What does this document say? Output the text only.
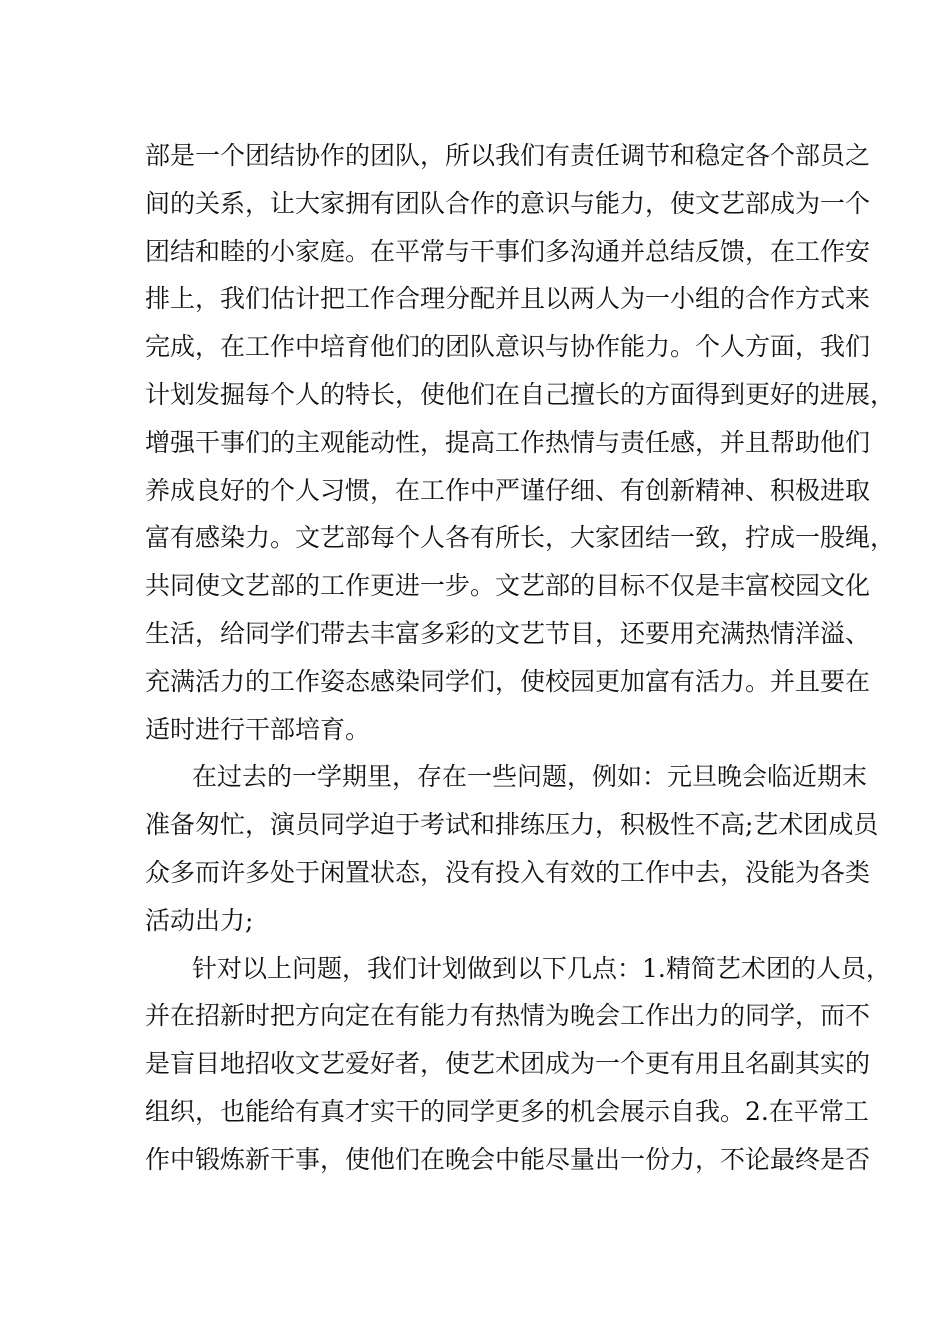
部是一个团结协作的团队，所以我们有责任调节和稳定各个部员之
间的关系，让大家拥有团队合作的意识与能力，使文艺部成为一个
团结和睦的小家庭。在平常与干事们多沟通并总结反馈，在工作安
排上，我们估计把工作合理分配并且以两人为一小组的合作方式来
完成，在工作中培育他们的团队意识与协作能力。个人方面，我们
计划发掘每个人的特长，使他们在自己擅长的方面得到更好的进展，
增强干事们的主观能动性，提高工作热情与责任感，并且帮助他们
养成良好的个人习惯，在工作中严谨仔细、有创新精神、积极进取
富有感染力。文艺部每个人各有所长，大家团结一致，拧成一股绳，
共同使文艺部的工作更进一步。文艺部的目标不仅是丰富校园文化
生活，给同学们带去丰富多彩的文艺节目，还要用充满热情洋溢、
充满活力的工作姿态感染同学们，使校园更加富有活力。并且要在
适时进行干部培育。
在过去的一学期里，存在一些问题，例如：元旦晚会临近期末
准备匆忙，演员同学迫于考试和排练压力，积极性不高;艺术团成员
众多而许多处于闲置状态，没有投入有效的工作中去，没能为各类
活动出力;
针对以上问题，我们计划做到以下几点：1.精简艺术团的人员，
并在招新时把方向定在有能力有热情为晚会工作出力的同学，而不
是盲目地招收文艺爱好者，使艺术团成为一个更有用且名副其实的
组织，也能给有真才实干的同学更多的机会展示自我。2.在平常工
作中锻炼新干事，使他们在晚会中能尽量出一份力，不论最终是否
